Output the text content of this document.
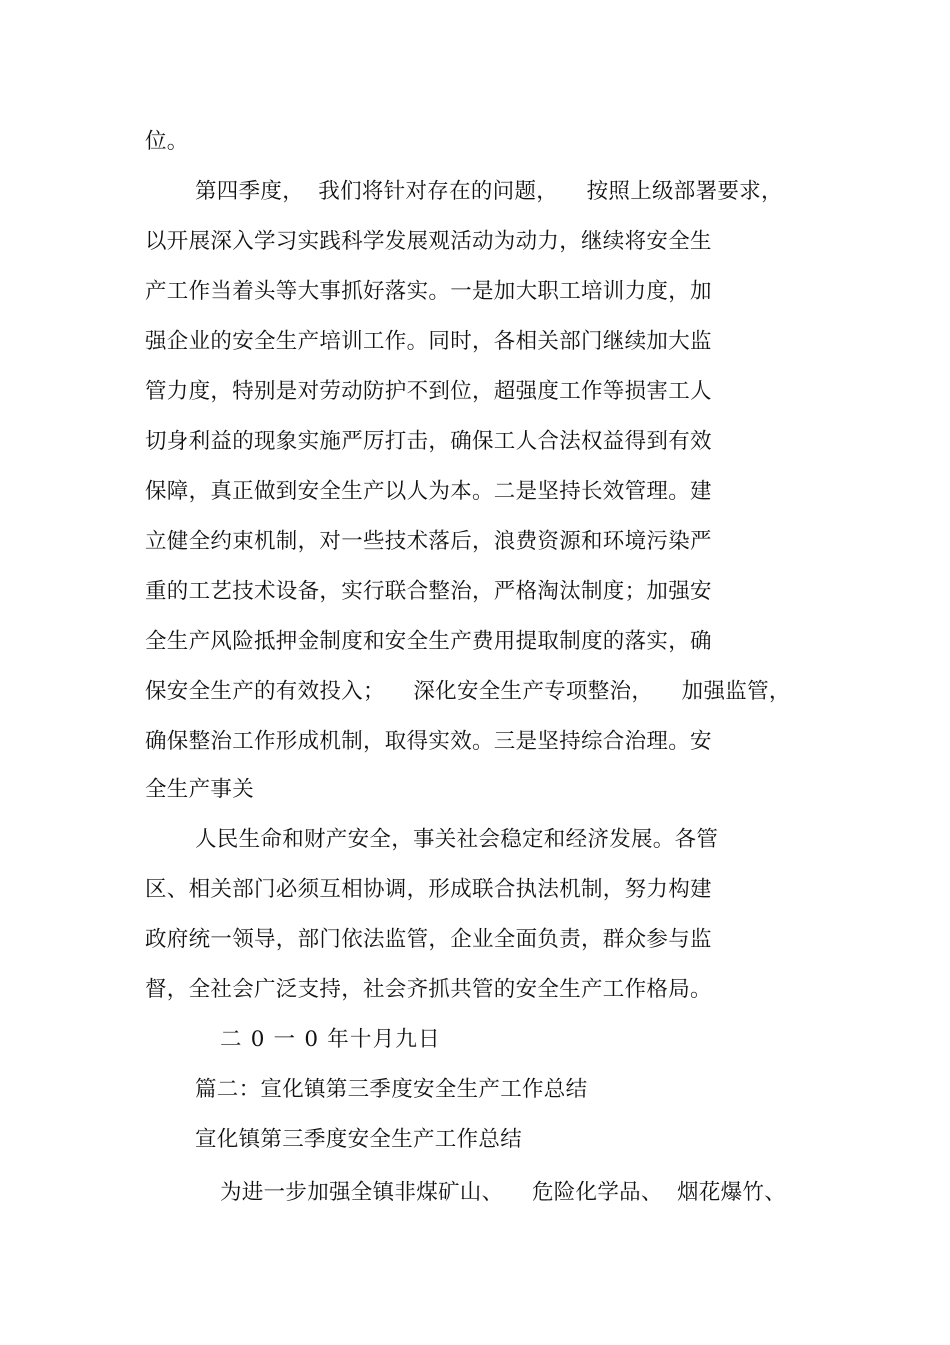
位。
第四季度，  我们将针对存在的问题，    按照上级部署要求，
以开展深入学习实践科学发展观活动为动力，继续将安全生
产工作当着头等大事抓好落实。一是加大职工培训力度，加
强企业的安全生产培训工作。同时，各相关部门继续加大监
管力度，特别是对劳动防护不到位，超强度工作等损害工人
切身利益的现象实施严厉打击，确保工人合法权益得到有效
保障，真正做到安全生产以人为本。二是坚持长效管理。建
立健全约束机制，对一些技术落后，浪费资源和环境污染严
重的工艺技术设备，实行联合整治，严格淘汰制度；加强安
全生产风险抵押金制度和安全生产费用提取制度的落实，确
保安全生产的有效投入；    深化安全生产专项整治，    加强监管，
确保整治工作形成机制，取得实效。三是坚持综合治理。安
全生产事关
人民生命和财产安全，事关社会稳定和经济发展。各管
区、相关部门必须互相协调，形成联合执法机制，努力构建
政府统一领导，部门依法监管，企业全面负责，群众参与监
督，全社会广泛支持，社会齐抓共管的安全生产工作格局。
二 0 一 0 年十月九日
篇二：宣化镇第三季度安全生产工作总结
宣化镇第三季度安全生产工作总结
为进一步加强全镇非煤矿山、    危险化学品、  烟花爆竹、
